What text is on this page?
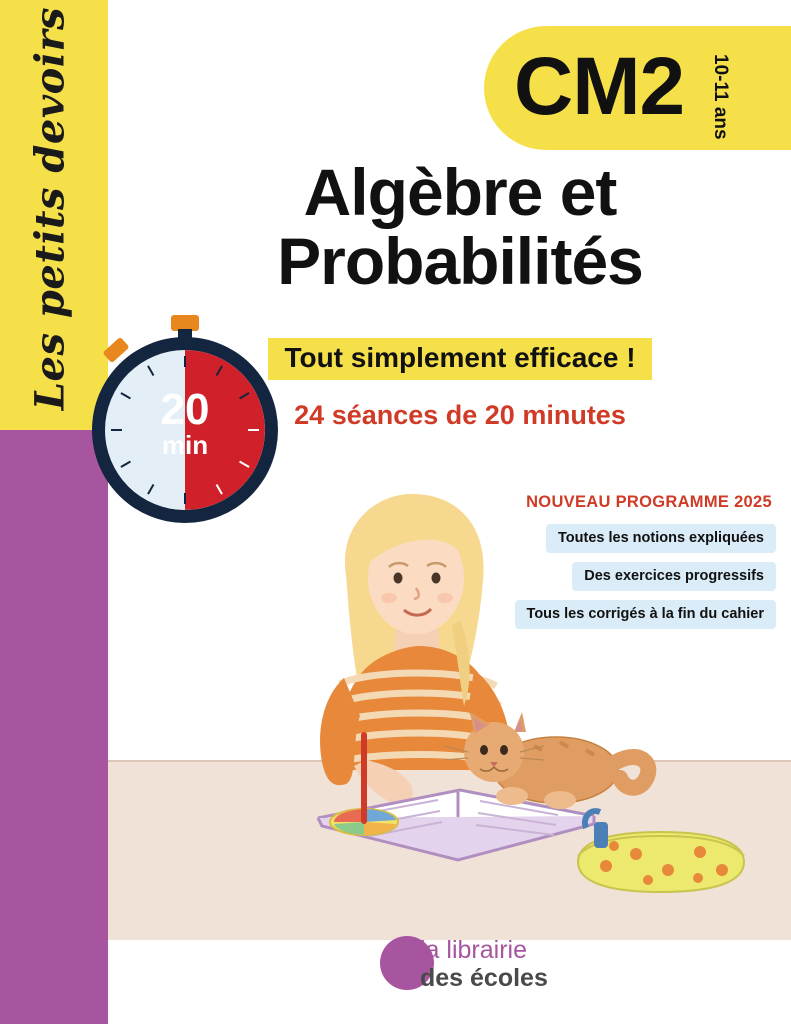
Les petits devoirs	CM2 10-11 ans
Algèbre et
Probabilités
Tout simplement efficace !
24 séances de 20 minutes
20
min
NOUVEAU PROGRAMME 2025
Toutes les notions expliquées
Des exercices progressifs
Tous les corrigés à la fin du cahier
la librairie
des écoles
